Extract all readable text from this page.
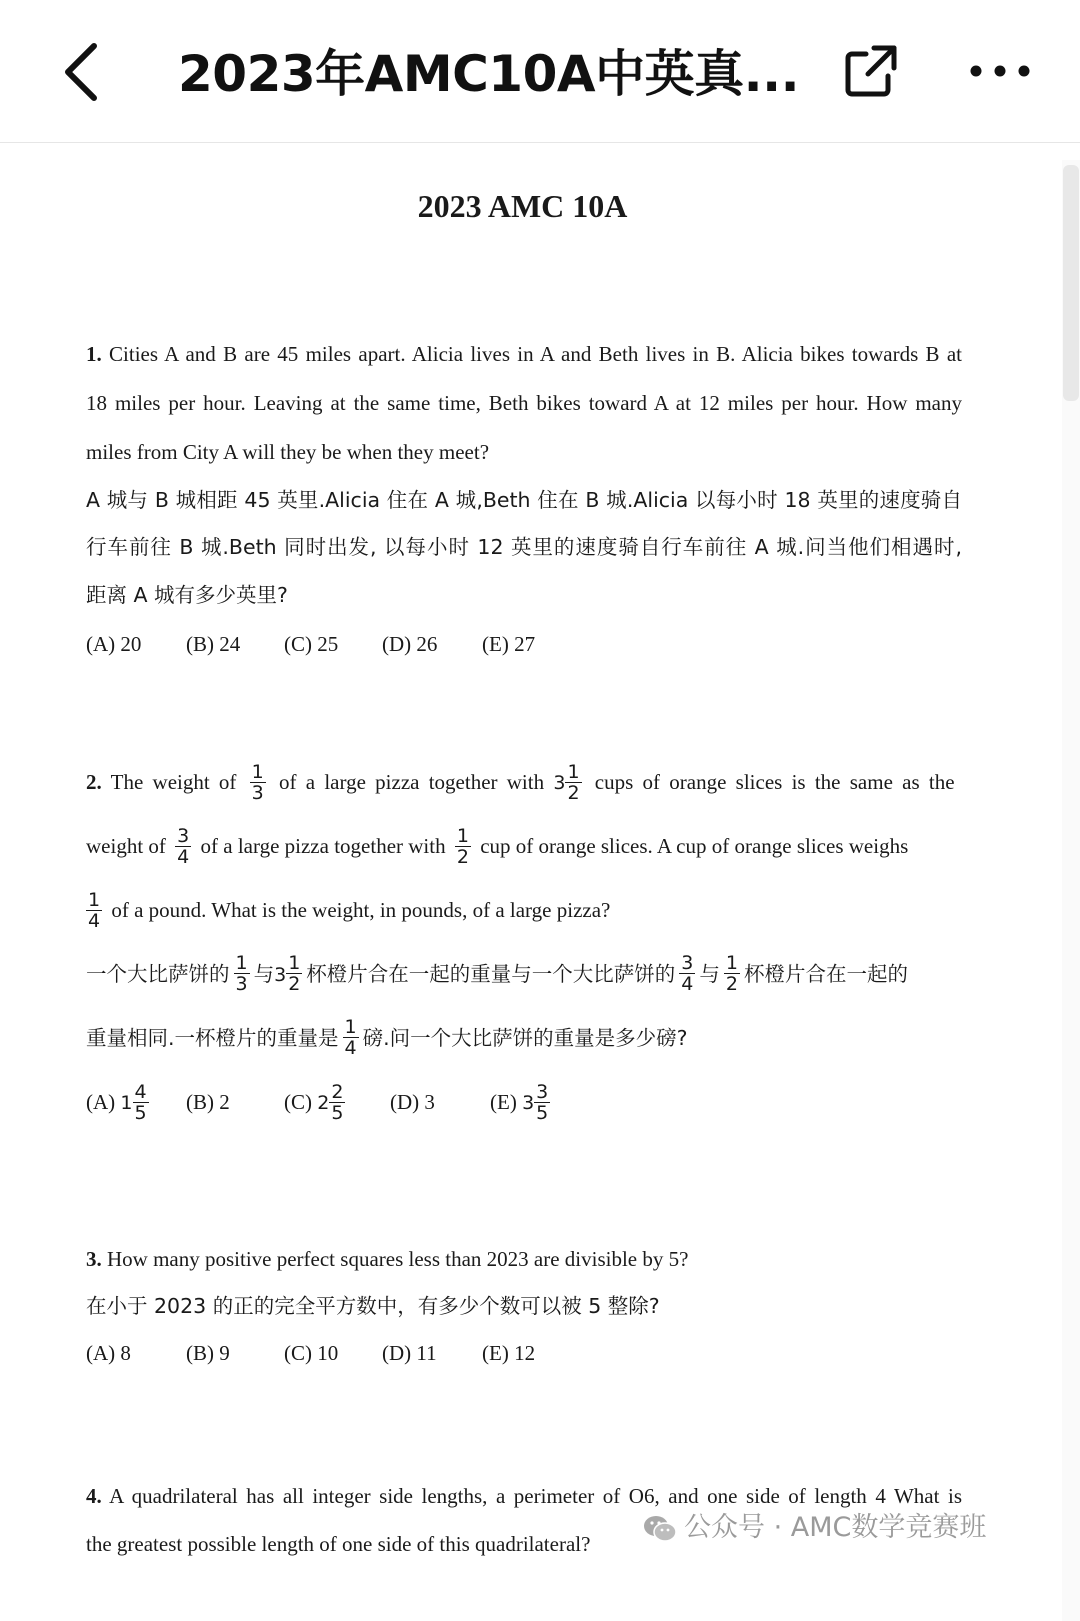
2023年AMC10A中英真...
2023 AMC 10A
1. Cities A and B are 45 miles apart. Alicia lives in A and Beth lives in B. Alicia bikes towards B at
18 miles per hour. Leaving at the same time, Beth bikes toward A at 12 miles per hour. How many
miles from City A will they be when they meet?
A 城与 B 城相距 45 英里.Alicia 住在 A 城,Beth 住在 B 城.Alicia 以每小时 18 英里的速度骑自
行车前往 B 城.Beth 同时出发, 以每小时 12 英里的速度骑自行车前往 A 城.问当他们相遇时,
距离 A 城有多少英里?
(A) 20 (B) 24 (C) 25 (D) 26 (E) 27
2. The weight of $\frac{1}{3}$ of a large pizza together with $3 \frac{1}{2}$ cups of orange slices is the same as the
weight of $\frac{3}{4}$ of a large pizza together with $\frac{1}{2}$ cup of orange slices. A cup of orange slices weighs
$\frac{1}{4}$ of a pound. What is the weight, in pounds, of a large pizza?
一个大比萨饼的 $\frac{1}{3}$ 与$3 \frac{1}{2}$ 杯橙片合在一起的重量与一个大比萨饼的 $\frac{3}{4}$ 与 $\frac{1}{2}$ 杯橙片合在一起的
重量相同.一杯橙片的重量是 $\frac{1}{4}$ 磅.问一个大比萨饼的重量是多少磅?
(A) $1 \frac{4}{5} (B)$ 2	(C) $2 \frac{2}{5} (D)$ 3	(E) $3 \frac{3}{5}$
3. How many positive perfect squares less than 2023 are divisible by 5?
在小于 2023 的正的完全平方数中，有多少个数可以被 5 整除?
(A) 8	(B) 9	(C) 10 (D) 11 (E) 12
4. A quadrilateral has all integer side lengths, a perimeter of O6, and one side of length 4 What is
the greatest possible length of one side of this quadrilateral?
公众号 · AMC数学竞赛班
